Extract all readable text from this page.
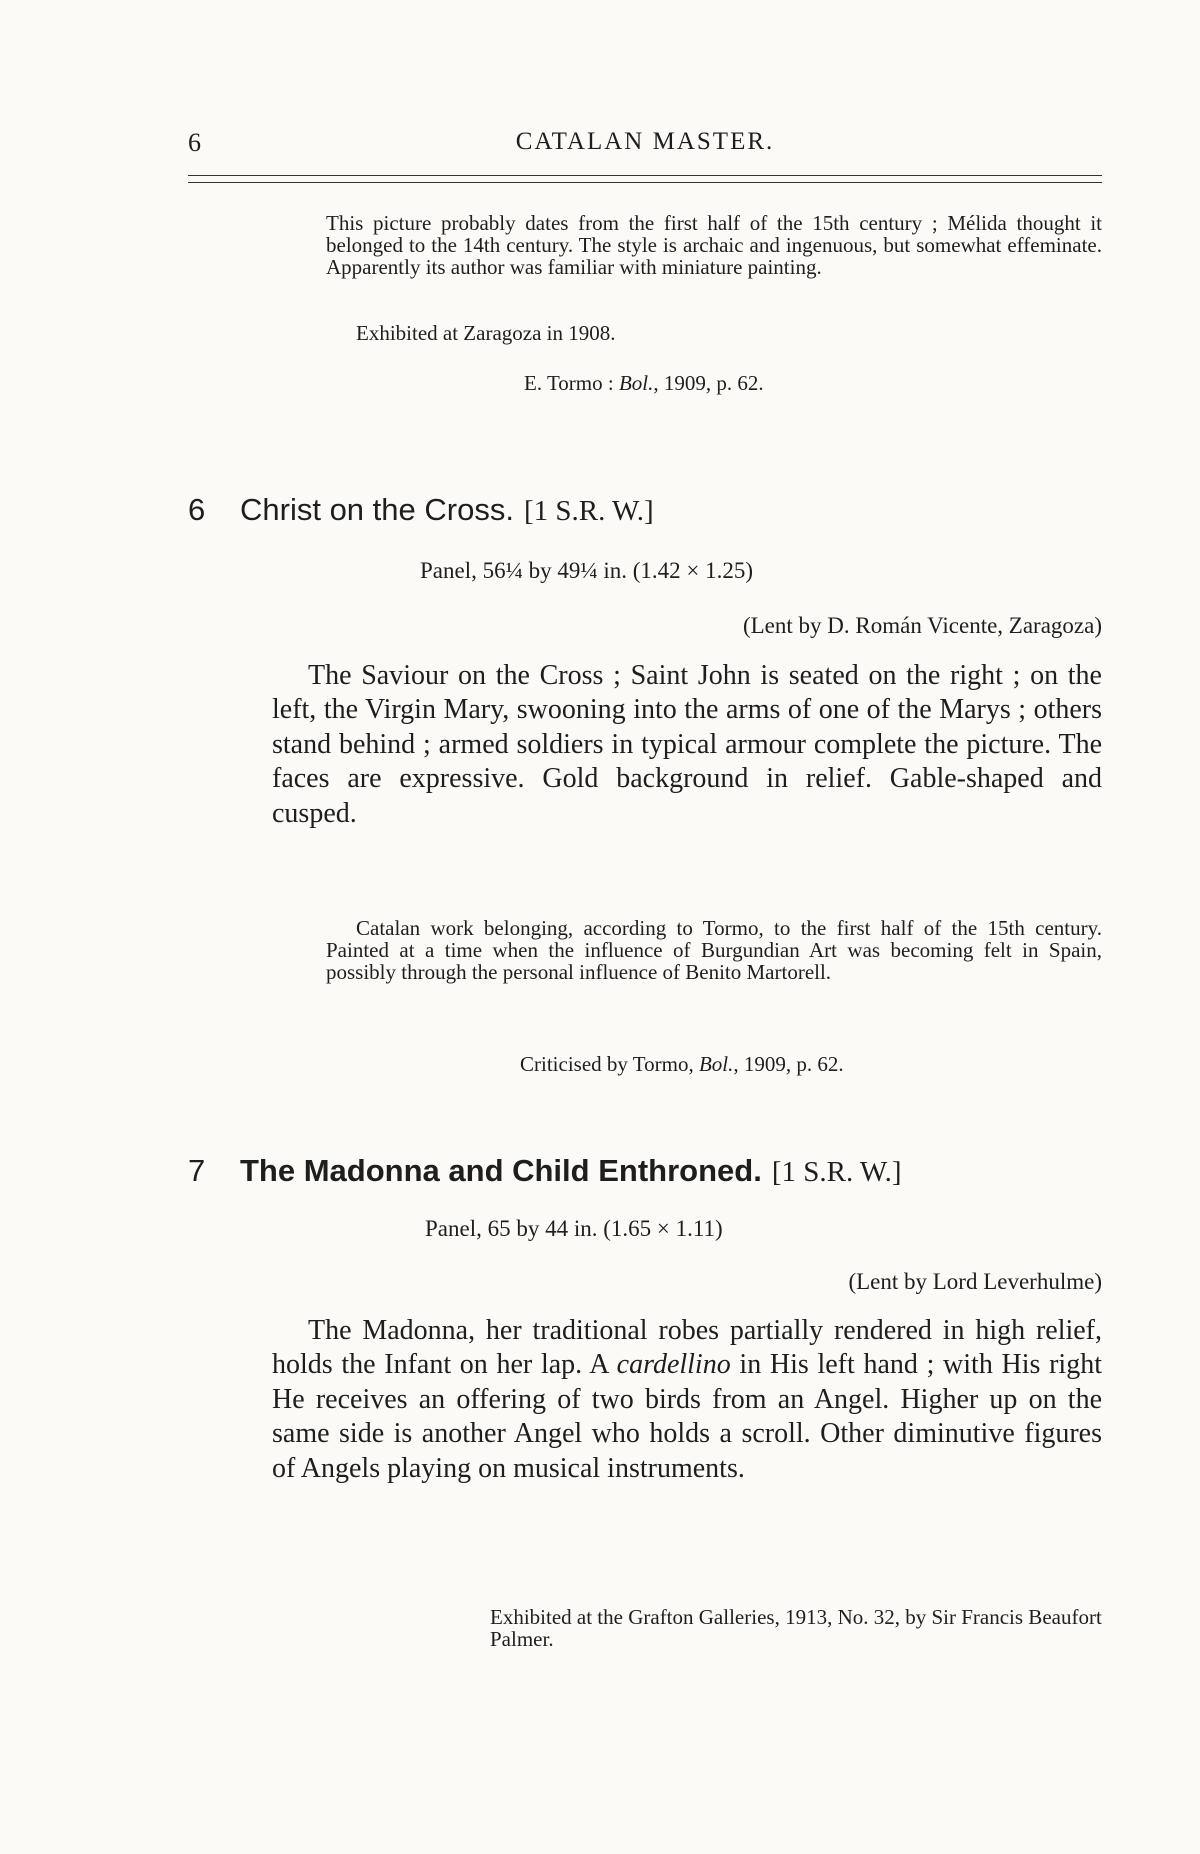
6	CATALAN MASTER.

This picture probably dates from the first half of the 15th century ; Mélida thought it belonged to the 14th century. The style is archaic and ingenuous, but somewhat effeminate. Apparently its author was familiar with miniature painting.

Exhibited at Zaragoza in 1908.
E. Tormo : Bol., 1909, p. 62.
6 Christ on the Cross. [1 S.R. W.]
Panel, 56¼ by 49¼ in. (1.42 × 1.25)
(Lent by D. Román Vicente, Zaragoza)

The Saviour on the Cross ; Saint John is seated on the right ; on the left, the Virgin Mary, swooning into the arms of one of the Marys ; others stand behind ; armed soldiers in typical armour complete the picture. The faces are expressive. Gold background in relief. Gable-shaped and cusped.

Catalan work belonging, according to Tormo, to the first half of the 15th century. Painted at a time when the influence of Burgundian Art was becoming felt in Spain, possibly through the personal influence of Benito Martorell.

Criticised by Tormo, Bol., 1909, p. 62.
7 The Madonna and Child Enthroned. [1 S.R. W.]
Panel, 65 by 44 in. (1.65 × 1.11)
(Lent by Lord Leverhulme)

The Madonna, her traditional robes partially rendered in high relief, holds the Infant on her lap. A cardellino in His left hand ; with His right He receives an offering of two birds from an Angel. Higher up on the same side is another Angel who holds a scroll. Other diminutive figures of Angels playing on musical instruments.

Exhibited at the Grafton Galleries, 1913, No. 32, by Sir Francis Beaufort Palmer.
